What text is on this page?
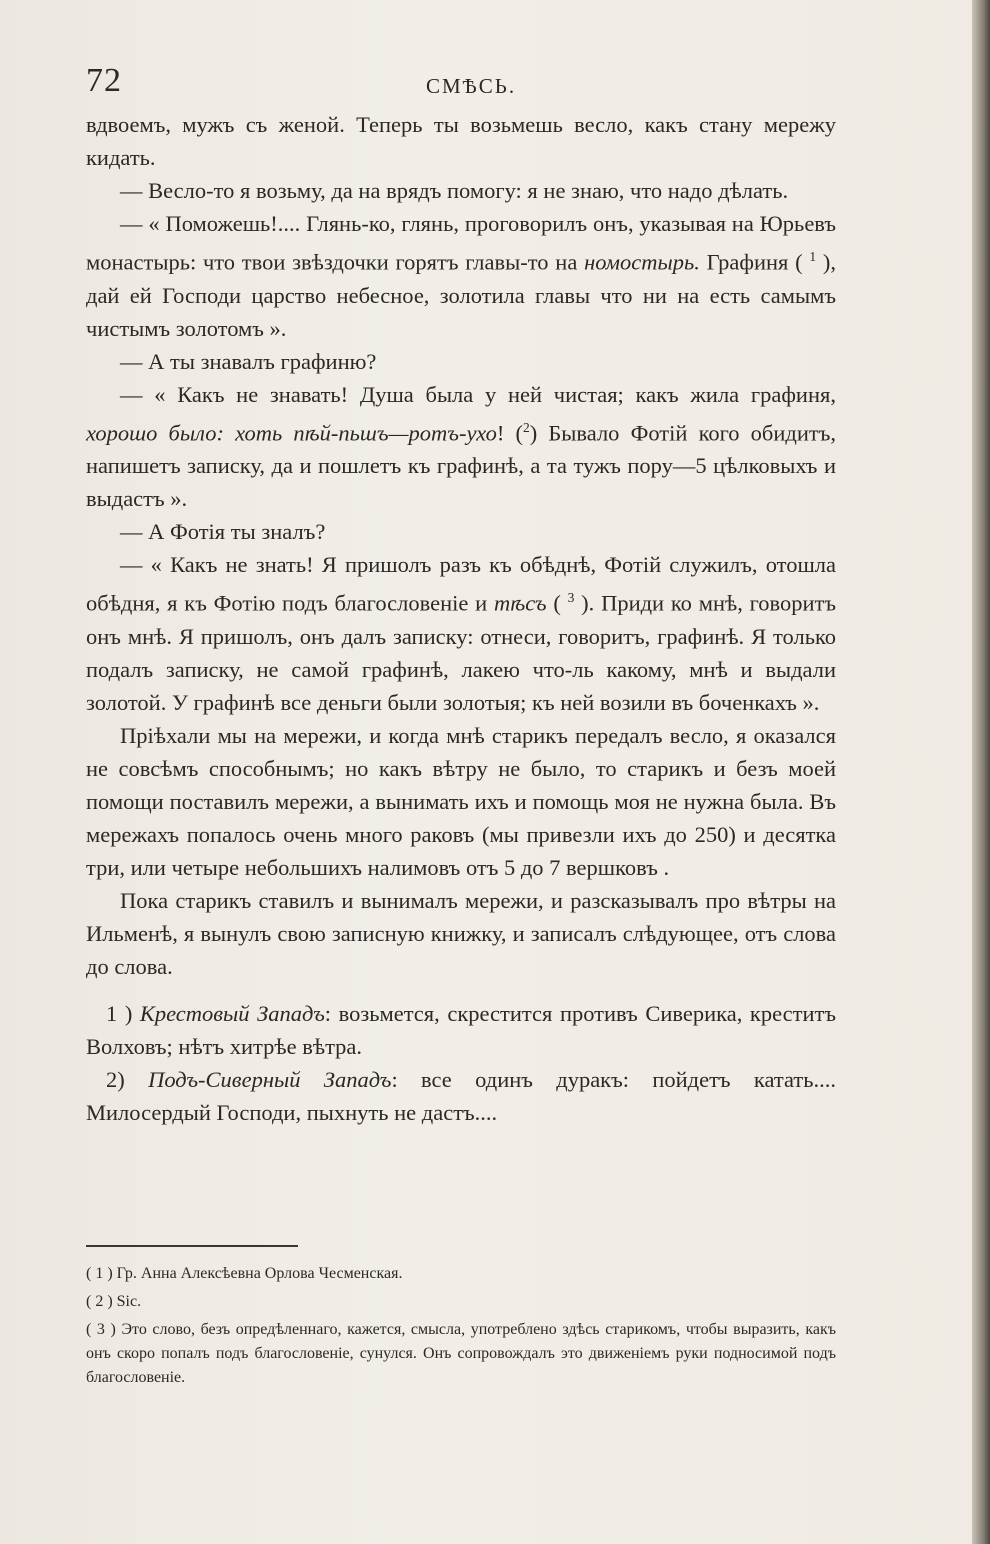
72	СМѢСЬ.

вдвоемъ, мужъ съ женой. Теперь ты возьмешь весло, какъ стану мережу кидать.

— Весло-то я возьму, да на врядъ помогу: я не знаю, что надо дѣлать.

— « Поможешь!.... Глянь-ко, глянь, проговорилъ онъ, указывая на Юрьевъ монастырь: что твои звѣздочки горятъ главы-то на номостырь. Графиня ( $^1$ ), дай ей Господи царство небесное, золотила главы что ни на есть самымъ чистымъ золотомъ ».

— А ты знавалъ графиню?

— « Какъ не знавать! Душа была у ней чистая; какъ жила графиня, хорошо было: хоть пѣй-пьшъ—ротъ-ухо! ($^2$) Бывало Фотій кого обидитъ, напишетъ записку, да и пошлетъ къ графинѣ, а та тужъ пору—5 цѣлковыхъ и выдастъ ».

— А Фотія ты зналъ?

— « Какъ не знать! Я пришолъ разъ къ обѣднѣ, Фотій служилъ, отошла обѣдня, я къ Фотію подъ благословеніе и тѣсъ ( $^3$ ). Приди ко мнѣ, говоритъ онъ мнѣ. Я пришолъ, онъ далъ записку: отнеси, говоритъ, графинѣ. Я только подалъ записку, не самой графинѣ, лакею что-ль какому, мнѣ и выдали золотой. У графинѣ все деньги были золотыя; къ ней возили въ боченкахъ ».

Пріѣхали мы на мережи, и когда мнѣ старикъ передалъ весло, я оказался не совсѣмъ способнымъ; но какъ вѣтру не было, то старикъ и безъ моей помощи поставилъ мережи, а вынимать ихъ и помощь моя не нужна была. Въ мережахъ попалось очень много раковъ (мы привезли ихъ до 250) и десятка три, или четыре небольшихъ налимовъ отъ 5 до 7 вершковъ .

Пока старикъ ставилъ и вынималъ мережи, и разсказывалъ про вѣтры на Ильменѣ, я вынулъ свою записную книжку, и записалъ слѣдующее, отъ слова до слова.

1 ) Крестовый Западъ: возьмется, скрестится противъ Сиверика, креститъ Волховъ; нѣтъ хитрѣе вѣтра.

2) Подъ-Сиверный Западъ: все одинъ дуракъ: пойдетъ катать.... Милосердый Господи, пыхнуть не дастъ....

( 1 ) Гр. Анна Алексѣевна Орлова Чесменская.

( 2 ) Sic.

( 3 ) Это слово, безъ опредѣленнаго, кажется, смысла, употреблено здѣсь старикомъ, чтобы выразить, какъ онъ скоро попалъ подъ благословеніе, сунулся. Онъ сопровождалъ это движеніемъ руки подносимой подъ благословеніе.
